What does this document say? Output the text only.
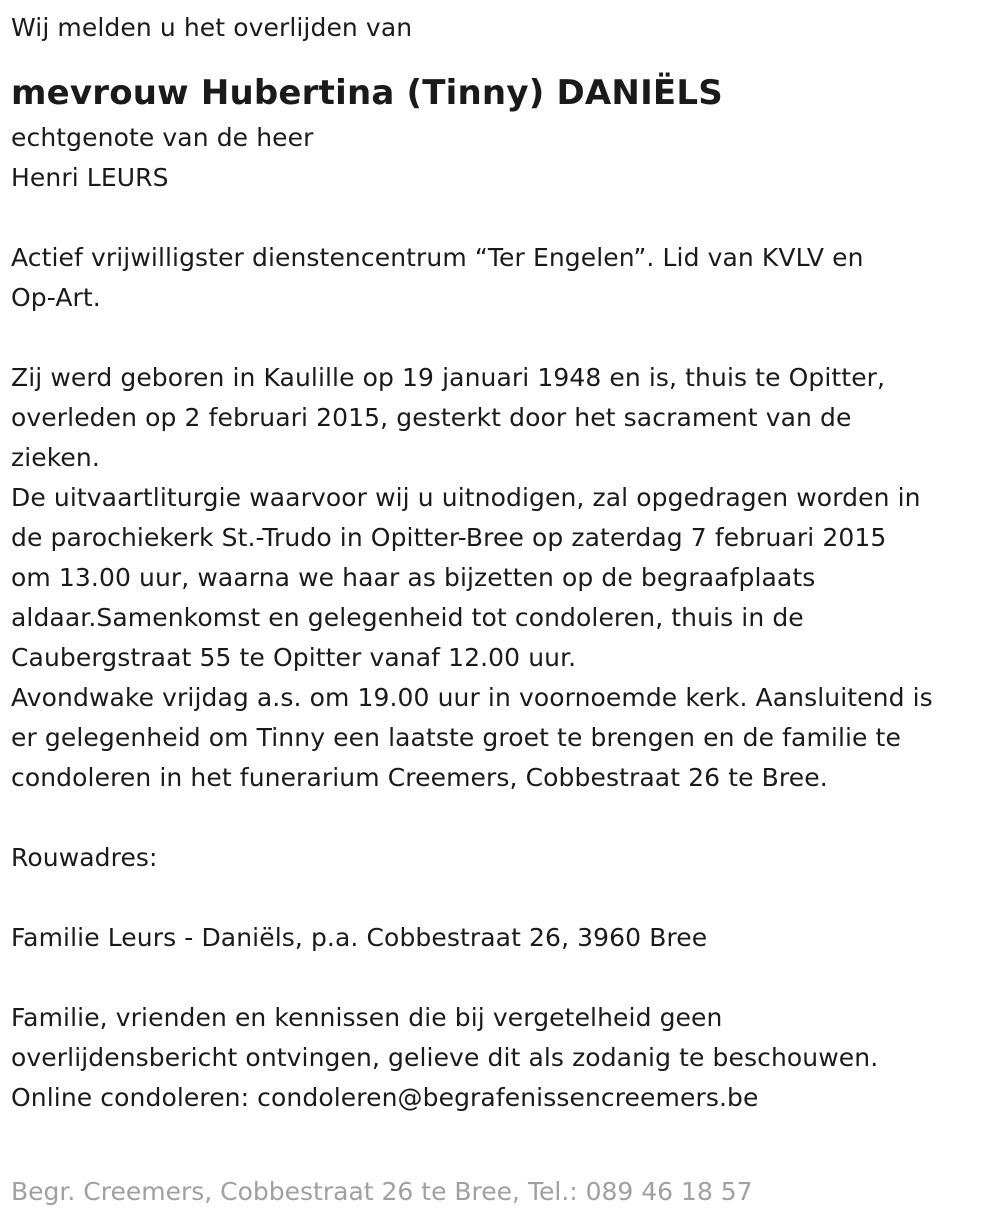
Wij melden u het overlijden van
mevrouw Hubertina (Tinny) DANIËLS
echtgenote van de heer
Henri LEURS
Actief vrijwilligster dienstencentrum “Ter Engelen”. Lid van KVLV en
Op-Art.
Zij werd geboren in Kaulille op 19 januari 1948 en is, thuis te Opitter,
overleden op 2 februari 2015, gesterkt door het sacrament van de
zieken.
De uitvaartliturgie waarvoor wij u uitnodigen, zal opgedragen worden in
de parochiekerk St.-Trudo in Opitter-Bree op zaterdag 7 februari 2015
om 13.00 uur, waarna we haar as bijzetten op de begraafplaats
aldaar.Samenkomst en gelegenheid tot condoleren, thuis in de
Caubergstraat 55 te Opitter vanaf 12.00 uur.
Avondwake vrijdag a.s. om 19.00 uur in voornoemde kerk. Aansluitend is
er gelegenheid om Tinny een laatste groet te brengen en de familie te
condoleren in het funerarium Creemers, Cobbestraat 26 te Bree.
Rouwadres:
Familie Leurs - Daniëls, p.a. Cobbestraat 26, 3960 Bree
Familie, vrienden en kennissen die bij vergetelheid geen
overlijdensbericht ontvingen, gelieve dit als zodanig te beschouwen.
Online condoleren: condoleren@begrafenissencreemers.be
Begr. Creemers, Cobbestraat 26 te Bree, Tel.: 089 46 18 57
